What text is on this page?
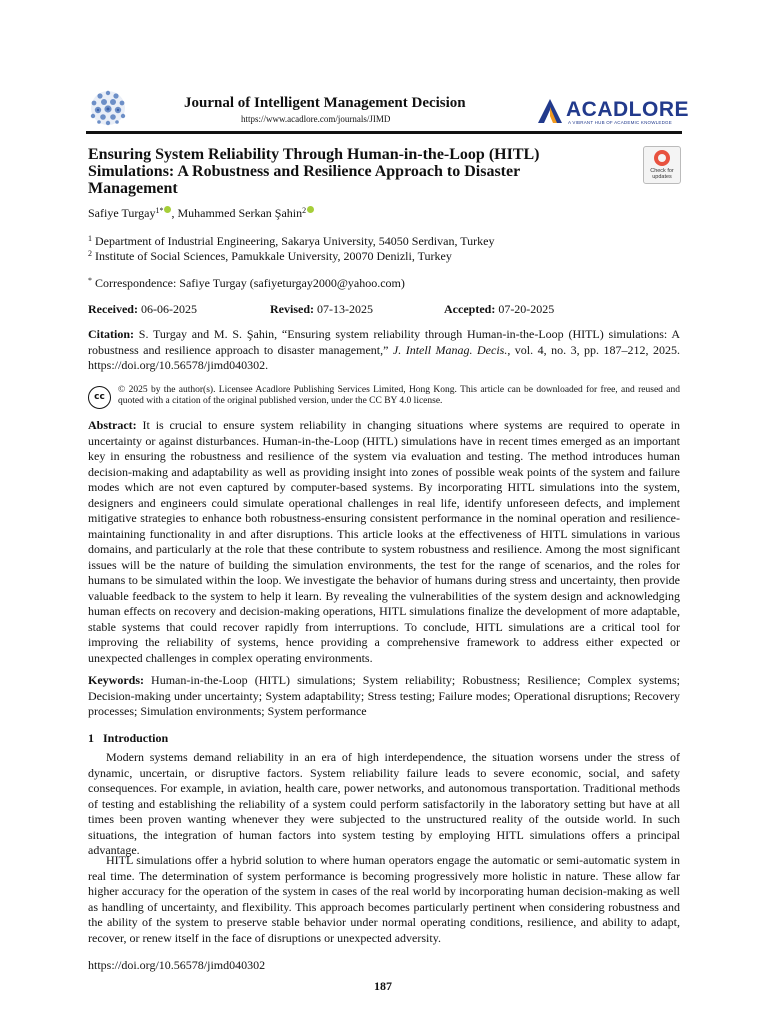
Journal of Intelligent Management Decision
https://www.acadlore.com/journals/JIMD	ACADLORE
A VIBRANT HUB OF ACADEMIC KNOWLEDGE
Ensuring System Reliability Through Human-in-the-Loop (HITL) Simulations: A Robustness and Resilience Approach to Disaster Management
Check for updates
Safiye Turgay$^{1*}$ , Muhammed Serkan Şahin$^2$
$^1$ Department of Industrial Engineering, Sakarya University, 54050 Serdivan, Turkey
$^2$ Institute of Social Sciences, Pamukkale University, 20070 Denizli, Turkey
* Correspondence: Safiye Turgay (safiyeturgay2000@yahoo.com)
Received: 06-06-2025	Revised: 07-13-2025	Accepted: 07-20-2025
Citation: S. Turgay and M. S. Şahin, “Ensuring system reliability through Human-in-the-Loop (HITL) simulations: A robustness and resilience approach to disaster management,” J. Intell Manag. Decis., vol. 4, no. 3, pp. 187–212, 2025. https://doi.org/10.56578/jimd040302.
cc
© 2025 by the author(s). Licensee Acadlore Publishing Services Limited, Hong Kong. This article can be downloaded for free, and reused and quoted with a citation of the original published version, under the CC BY 4.0 license.
Abstract: It is crucial to ensure system reliability in changing situations where systems are required to operate in uncertainty or against disturbances. Human-in-the-Loop (HITL) simulations have in recent times emerged as an important key in ensuring the robustness and resilience of the system via evaluation and testing. The method introduces human decision-making and adaptability as well as providing insight into zones of possible weak points of the system and failure modes which are not even captured by computer-based systems. By incorporating HITL simulations into the system, designers and engineers could simulate operational challenges in real life, identify unforeseen defects, and implement mitigative strategies to enhance both robustness-ensuring consistent performance in the nominal operation and resilience-maintaining functionality in and after disruptions. This article looks at the effectiveness of HITL simulations in various domains, and particularly at the role that these contribute to system robustness and resilience. Among the most significant issues will be the nature of building the simulation environments, the test for the range of scenarios, and the roles for humans to be simulated within the loop. We investigate the behavior of humans during stress and uncertainty, then provide valuable feedback to the system to help it learn. By revealing the vulnerabilities of the system design and acknowledging human effects on recovery and decision-making operations, HITL simulations finalize the development of more adaptable, stable systems that could recover rapidly from interruptions. To conclude, HITL simulations are a critical tool for improving the reliability of systems, hence providing a comprehensive framework to address either expected or unexpected challenges in complex operating environments.
Keywords: Human-in-the-Loop (HITL) simulations; System reliability; Robustness; Resilience; Complex systems; Decision-making under uncertainty; System adaptability; Stress testing; Failure modes; Operational disruptions; Recovery processes; Simulation environments; System performance
1 Introduction
Modern systems demand reliability in an era of high interdependence, the situation worsens under the stress of dynamic, uncertain, or disruptive factors. System reliability failure leads to severe economic, social, and safety consequences. For example, in aviation, health care, power networks, and autonomous transportation. Traditional methods of testing and establishing the reliability of a system could perform satisfactorily in the laboratory setting but have at all times been proven wanting whenever they were subjected to the unstructured reality of the outside world. In such situations, the integration of human factors into system testing by employing HITL simulations offers a principal advantage.
HITL simulations offer a hybrid solution to where human operators engage the automatic or semi-automatic system in real time. The determination of system performance is becoming progressively more holistic in nature. These allow far higher accuracy for the operation of the system in cases of the real world by incorporating human decision-making as well as handling of uncertainty, and flexibility. This approach becomes particularly pertinent when considering robustness and the ability of the system to preserve stable behavior under normal operating conditions, resilience, and ability to adapt, recover, or renew itself in the face of disruptions or unexpected adversity.
https://doi.org/10.56578/jimd040302
187
